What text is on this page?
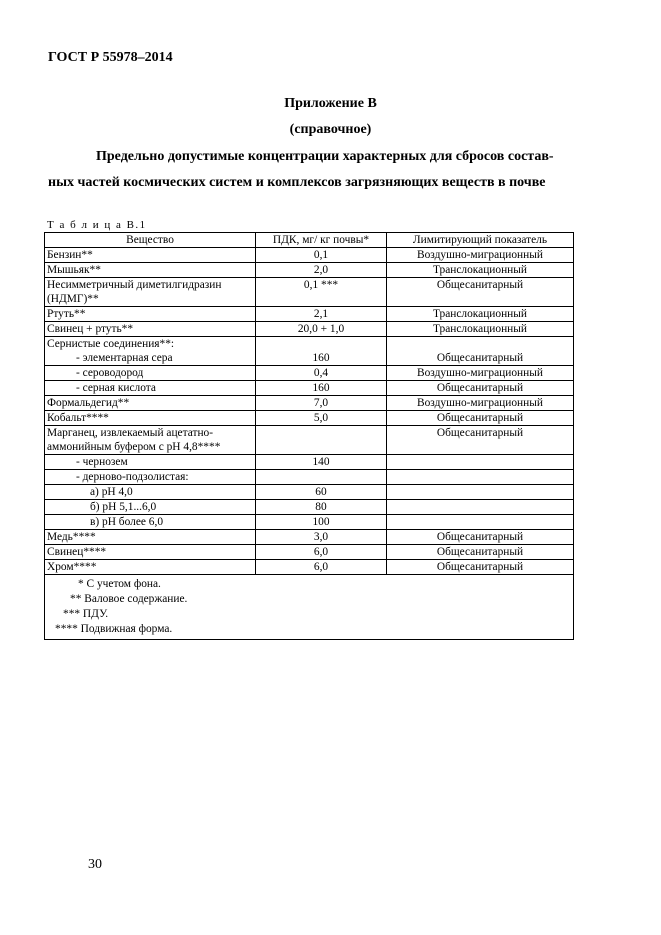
ГОСТ Р 55978–2014
Приложение В
(справочное)
Предельно допустимые концентрации характерных для сбросов состав-
ных частей космических систем и комплексов загрязняющих веществ в почве
Т а б л и ц а В.1
Вещество	ПДК, мг/ кг почвы*	Лимитирующий показатель
Бензин**	0,1	Воздушно-миграционный
Мышьяк**	2,0	Транслокационный
Несимметричный диметилгидразин (НДМГ)**	0,1 ***	Общесанитарный
Ртуть**	2,1	Транслокационный
Свинец + ртуть**	20,0 + 1,0	Транслокационный
Сернистые соединения**:		
- элементарная сера	160	Общесанитарный
- сероводород	0,4	Воздушно-миграционный
- серная кислота	160	Общесанитарный
Формальдегид**	7,0	Воздушно-миграционный
Кобальт****	5,0	Общесанитарный
Марганец, извлекаемый ацетатно-аммонийным буфером с рН 4,8****		Общесанитарный
- чернозем	140	
- дерново-подзолистая:		
а) рН 4,0	60	
б) рН 5,1...6,0	80	
в) рН более 6,0	100	
Медь****	3,0	Общесанитарный
Свинец****	6,0	Общесанитарный
Хром****	6,0	Общесанитарный

* С учетом фона.
** Валовое содержание.
*** ПДУ.
**** Подвижная форма.		
30
